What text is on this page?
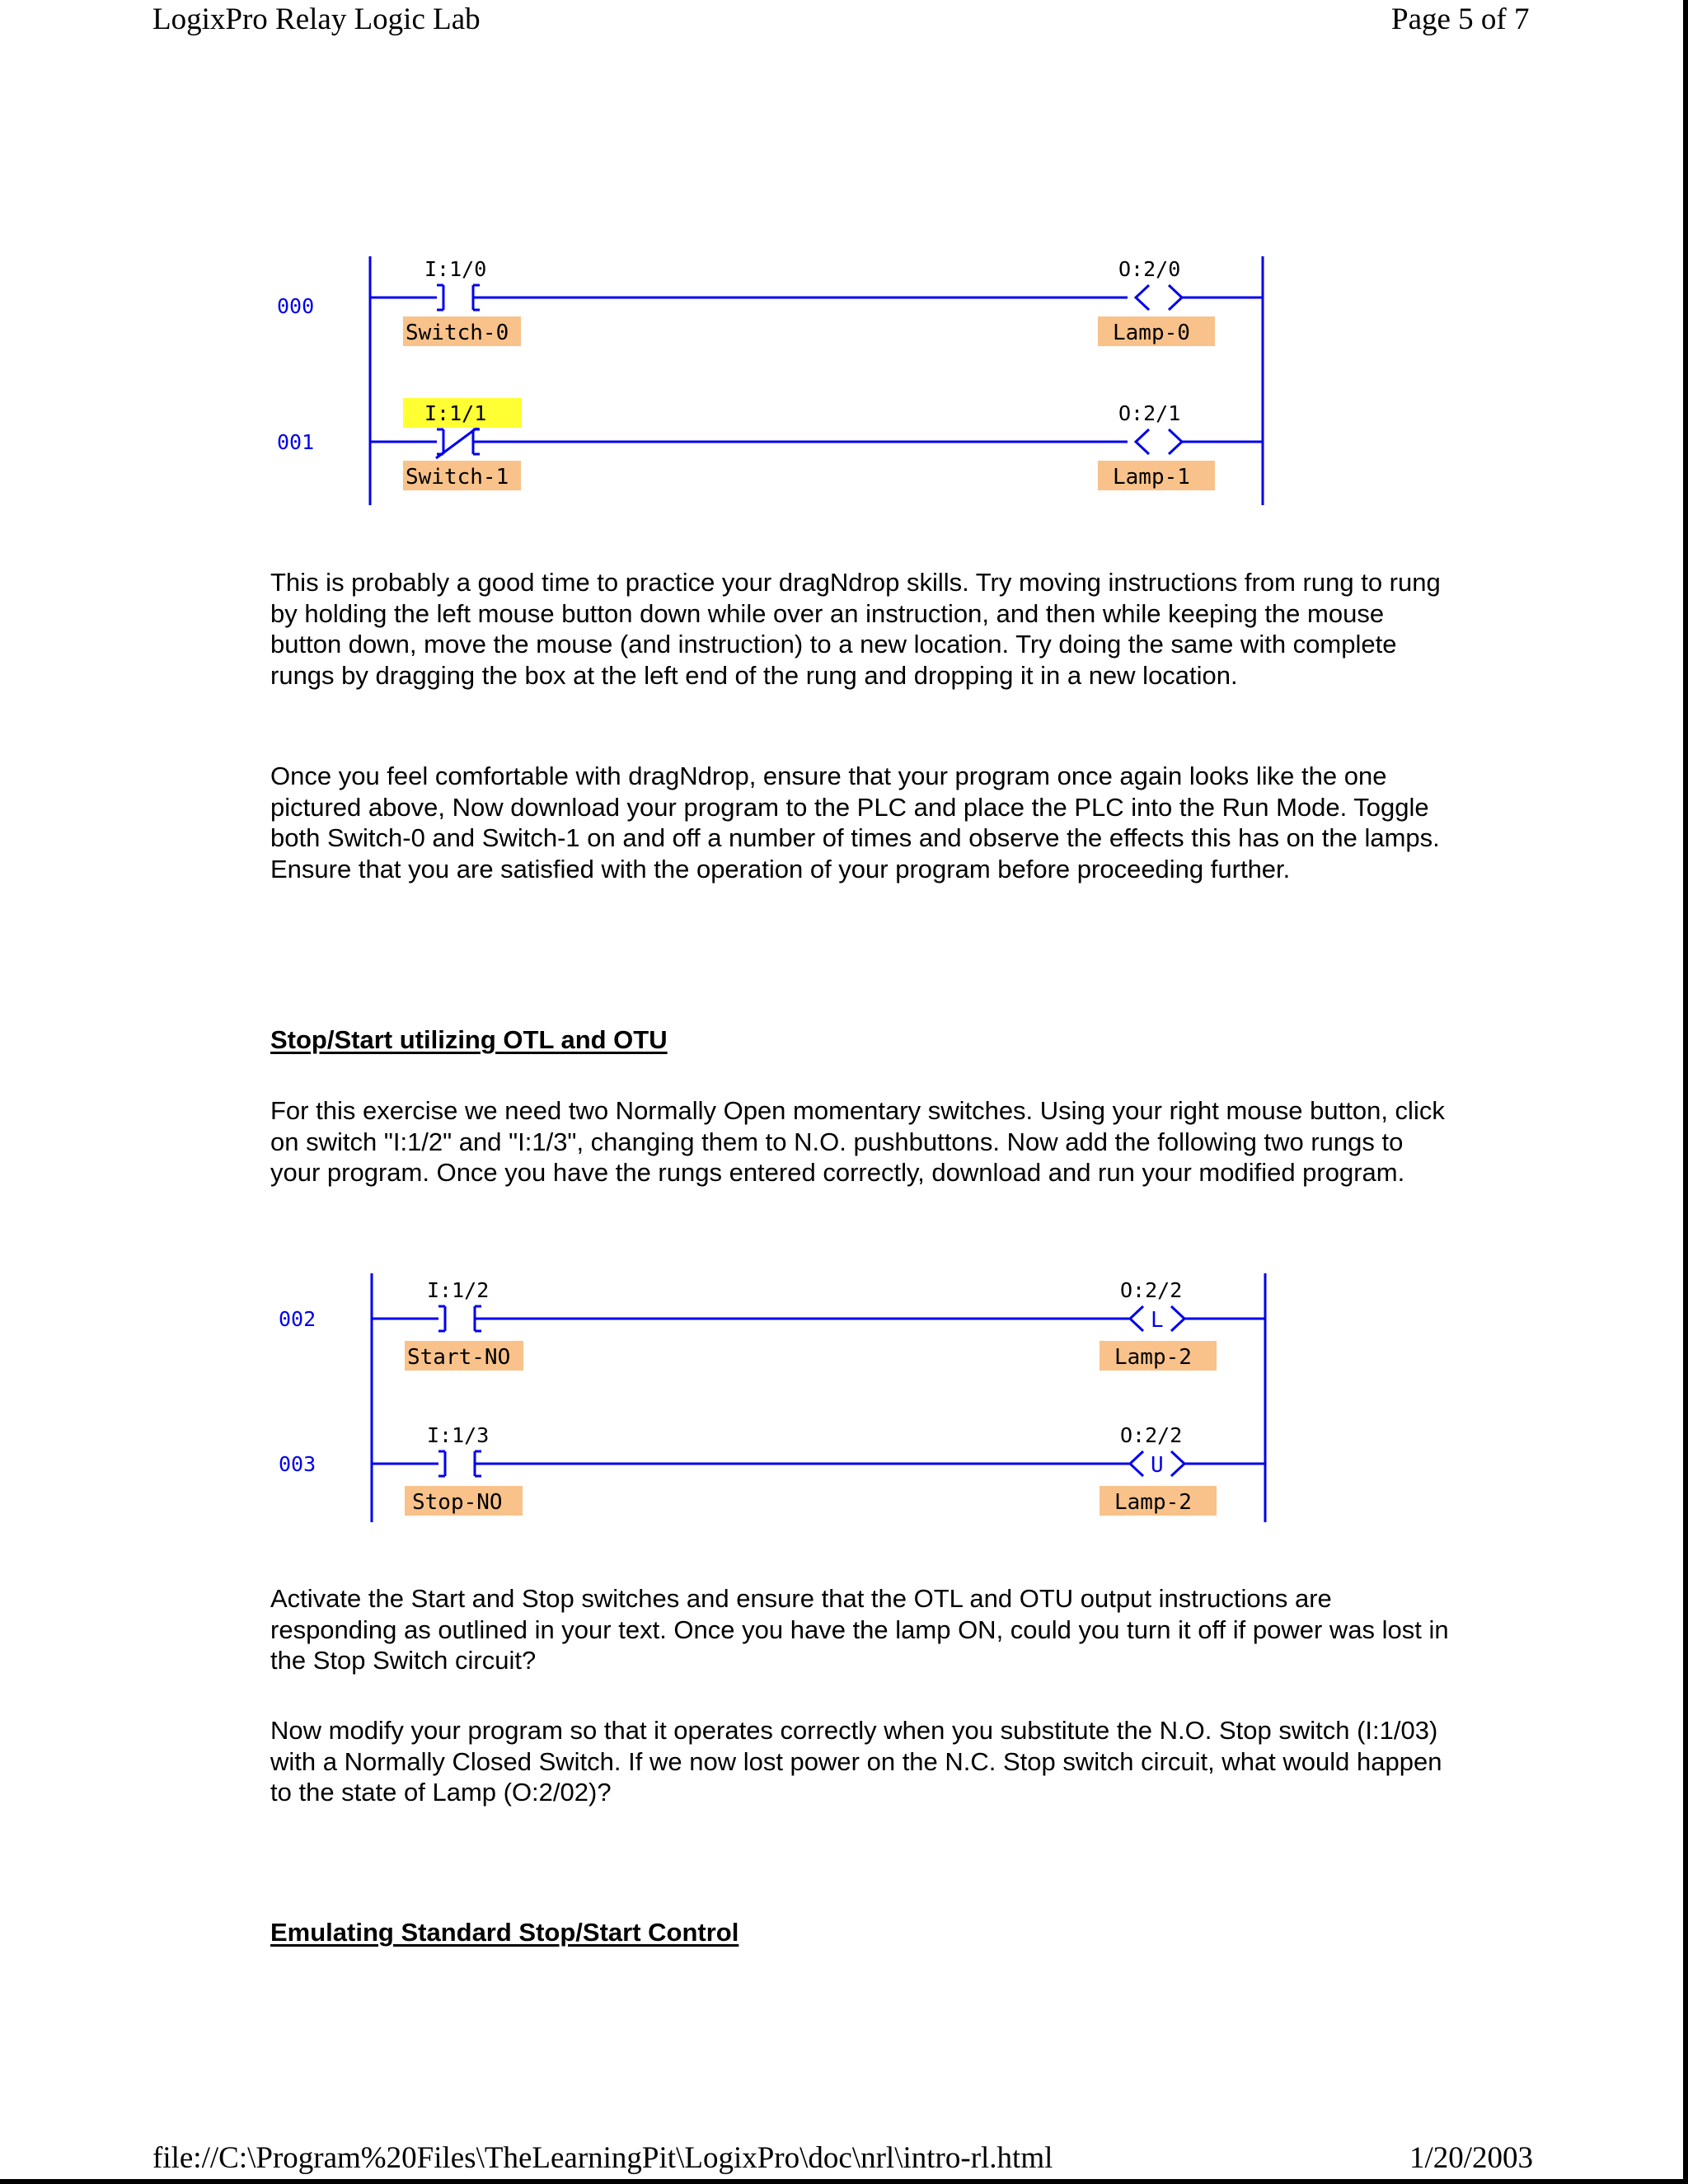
LogixPro Relay Logic Lab	Page 5 of 7
000
I:1/0
Switch-0
O:2/0
Lamp-0
001
I:1/1
Switch-1
O:2/1
Lamp-1

This is probably a good time to practice your dragNdrop skills. Try moving instructions from rung to rung by holding the left mouse button down while over an instruction, and then while keeping the mouse button down, move the mouse (and instruction) to a new location. Try doing the same with complete rungs by dragging the box at the left end of the rung and dropping it in a new location.

Once you feel comfortable with dragNdrop, ensure that your program once again looks like the one pictured above, Now download your program to the PLC and place the PLC into the Run Mode. Toggle both Switch-0 and Switch-1 on and off a number of times and observe the effects this has on the lamps. Ensure that you are satisfied with the operation of your program before proceeding further.

Stop/Start utilizing OTL and OTU

For this exercise we need two Normally Open momentary switches. Using your right mouse button, click on switch "I:1/2" and "I:1/3", changing them to N.O. pushbuttons. Now add the following two rungs to your program. Once you have the rungs entered correctly, download and run your modified program.

002
I:1/2
Start-NO
O:2/2
L
Lamp-2
003
I:1/3
Stop-NO
O:2/2
U
Lamp-2

Activate the Start and Stop switches and ensure that the OTL and OTU output instructions are responding as outlined in your text. Once you have the lamp ON, could you turn it off if power was lost in the Stop Switch circuit?

Now modify your program so that it operates correctly when you substitute the N.O. Stop switch (I:1/03) with a Normally Closed Switch. If we now lost power on the N.C. Stop switch circuit, what would happen to the state of Lamp (O:2/02)?

Emulating Standard Stop/Start Control

file://C:\Program%20Files\TheLearningPit\LogixPro\doc\nrl\intro-rl.html	1/20/2003
